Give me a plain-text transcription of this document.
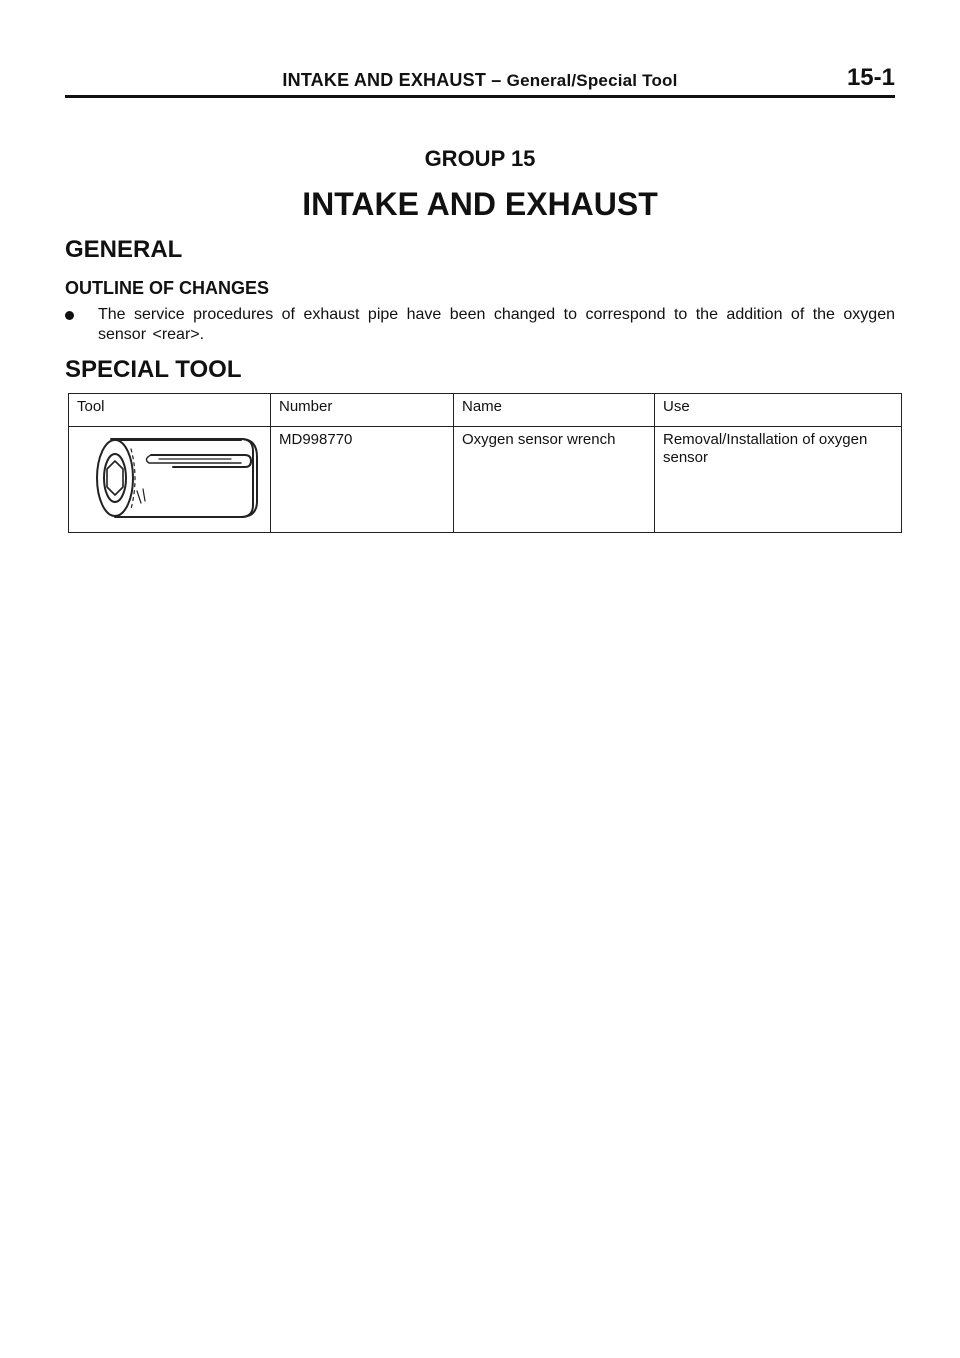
INTAKE AND EXHAUST – General/Special Tool	15-1
GROUP 15
INTAKE AND EXHAUST
GENERAL
OUTLINE OF CHANGES
The service procedures of exhaust pipe have been changed to correspond to the addition of the oxygen sensor <rear>.
SPECIAL TOOL
Tool	Number	Name	Use

	MD998770	Oxygen sensor wrench	Removal/Installation of oxygen sensor
